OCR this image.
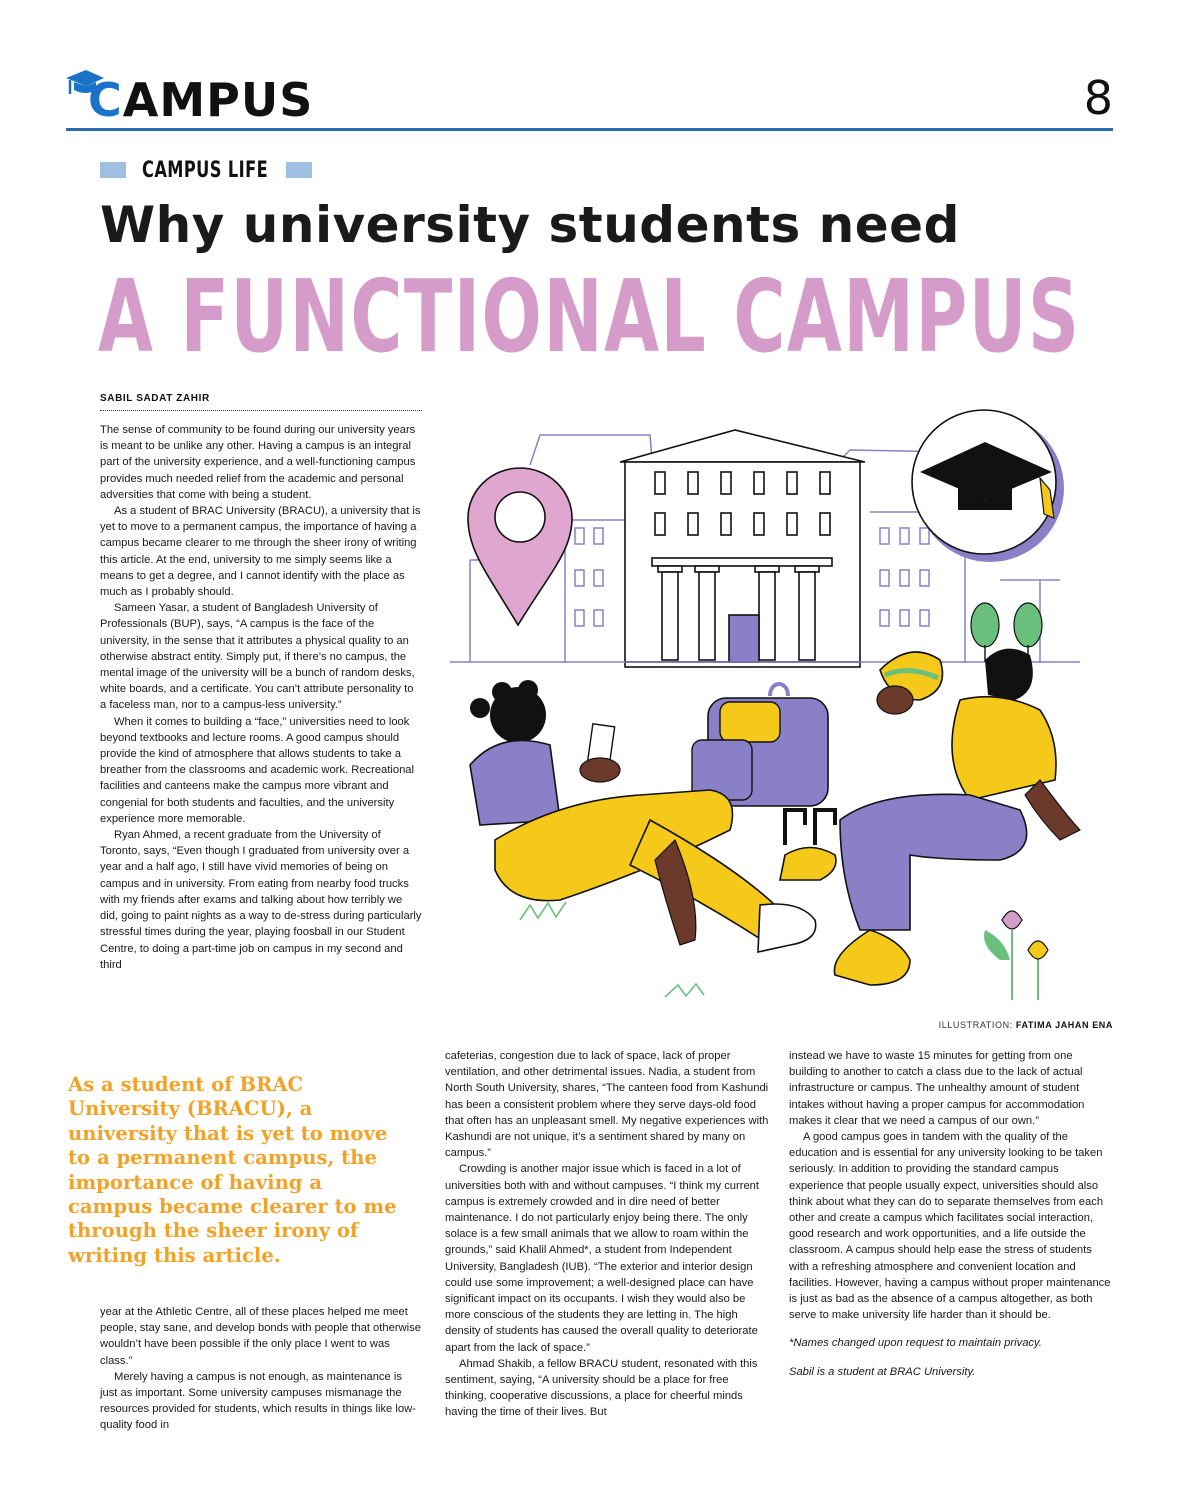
CAMPUS	8
CAMPUS LIFE
Why university students need
A FUNCTIONAL CAMPUS
SABIL SADAT ZAHIR

The sense of community to be found during our university years is meant to be unlike any other. Having a campus is an integral part of the university experience, and a well-functioning campus provides much needed relief from the academic and personal adversities that come with being a student.

As a student of BRAC University (BRACU), a university that is yet to move to a permanent campus, the importance of having a campus became clearer to me through the sheer irony of writing this article. At the end, university to me simply seems like a means to get a degree, and I cannot identify with the place as much as I probably should.

Sameen Yasar, a student of Bangladesh University of Professionals (BUP), says, “A campus is the face of the university, in the sense that it attributes a physical quality to an otherwise abstract entity. Simply put, if there’s no campus, the mental image of the university will be a bunch of random desks, white boards, and a certificate. You can’t attribute personality to a faceless man, nor to a campus-less university.”

When it comes to building a “face,” universities need to look beyond textbooks and lecture rooms. A good campus should provide the kind of atmosphere that allows students to take a breather from the classrooms and academic work. Recreational facilities and canteens make the campus more vibrant and congenial for both students and faculties, and the university experience more memorable.

Ryan Ahmed, a recent graduate from the University of Toronto, says, “Even though I graduated from university over a year and a half ago, I still have vivid memories of being on campus and in university. From eating from nearby food trucks with my friends after exams and talking about how terribly we did, going to paint nights as a way to de-stress during particularly stressful times during the year, playing foosball in our Student Centre, to doing a part-time job on campus in my second and third

As a student of BRAC University (BRACU), a university that is yet to move to a permanent campus, the importance of having a campus became clearer to me through the sheer irony of writing this article.

year at the Athletic Centre, all of these places helped me meet people, stay sane, and develop bonds with people that otherwise wouldn’t have been possible if the only place I went to was class.”

Merely having a campus is not enough, as maintenance is just as important. Some university campuses mismanage the resources provided for students, which results in things like low-quality food in

cafeterias, congestion due to lack of space, lack of proper ventilation, and other detrimental issues. Nadia, a student from North South University, shares, “The canteen food from Kashundi has been a consistent problem where they serve days-old food that often has an unpleasant smell. My negative experiences with Kashundi are not unique, it’s a sentiment shared by many on campus.”

Crowding is another major issue which is faced in a lot of universities both with and without campuses. “I think my current campus is extremely crowded and in dire need of better maintenance. I do not particularly enjoy being there. The only solace is a few small animals that we allow to roam within the grounds,” said Khalil Ahmed*, a student from Independent University, Bangladesh (IUB). “The exterior and interior design could use some improvement; a well-designed place can have significant impact on its occupants. I wish they would also be more conscious of the students they are letting in. The high density of students has caused the overall quality to deteriorate apart from the lack of space.”

Ahmad Shakib, a fellow BRACU student, resonated with this sentiment, saying, “A university should be a place for free thinking, cooperative discussions, a place for cheerful minds having the time of their lives. But

instead we have to waste 15 minutes for getting from one building to another to catch a class due to the lack of actual infrastructure or campus. The unhealthy amount of student intakes without having a proper campus for accommodation makes it clear that we need a campus of our own.”

A good campus goes in tandem with the quality of the education and is essential for any university looking to be taken seriously. In addition to providing the standard campus experience that people usually expect, universities should also think about what they can do to separate themselves from each other and create a campus which facilitates social interaction, good research and work opportunities, and a life outside the classroom. A campus should help ease the stress of students with a refreshing atmosphere and convenient location and facilities. However, having a campus without proper maintenance is just as bad as the absence of a campus altogether, as both serve to make university life harder than it should be.

*Names changed upon request to maintain privacy.

Sabil is a student at BRAC University.

ILLUSTRATION: FATIMA JAHAN ENA
